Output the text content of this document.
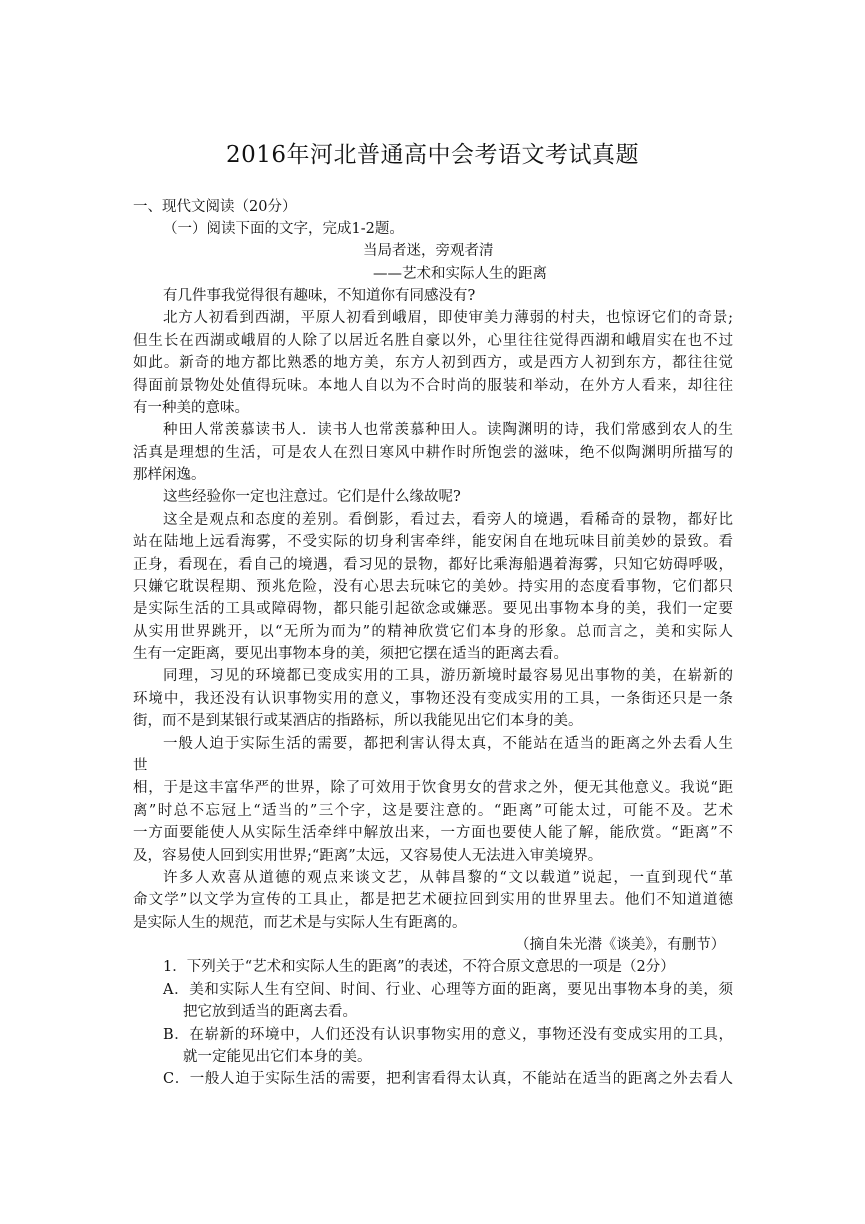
2016年河北普通高中会考语文考试真题
一、现代文阅读（20分）
（一）阅读下面的文字，完成1-2题。
当局者迷，旁观者清
——艺术和实际人生的距离
有几件事我觉得很有趣味，不知道你有同感没有?
北方人初看到西湖，平原人初看到峨眉，即使审美力薄弱的村夫，也惊讶它们的奇景;
但生长在西湖或峨眉的人除了以居近名胜自豪以外，心里往往觉得西湖和峨眉实在也不过
如此。新奇的地方都比熟悉的地方美，东方人初到西方，或是西方人初到东方，都往往觉
得面前景物处处值得玩味。本地人自以为不合时尚的服装和举动，在外方人看来，却往往
有一种美的意味。
种田人常羡慕读书人．读书人也常羡慕种田人。读陶渊明的诗，我们常感到农人的生
活真是理想的生活，可是农人在烈日寒风中耕作时所饱尝的滋味，绝不似陶渊明所描写的
那样闲逸。
这些经验你一定也注意过。它们是什么缘故呢?
这全是观点和态度的差别。看倒影，看过去，看旁人的境遇，看稀奇的景物，都好比
站在陆地上远看海雾，不受实际的切身利害牵绊，能安闲自在地玩味目前美妙的景致。看
正身，看现在，看自己的境遇，看习见的景物，都好比乘海船遇着海雾，只知它妨碍呼吸，
只嫌它耽误程期、预兆危险，没有心思去玩味它的美妙。持实用的态度看事物，它们都只
是实际生活的工具或障碍物，都只能引起欲念或嫌恶。要见出事物本身的美，我们一定要
从实用世界跳开，以“无所为而为”的精神欣赏它们本身的形象。总而言之，美和实际人
生有一定距离，要见出事物本身的美，须把它摆在适当的距离去看。
同理，习见的环境都已变成实用的工具，游历新境时最容易见出事物的美，在崭新的
环境中，我还没有认识事物实用的意义，事物还没有变成实用的工具，一条街还只是一条
街，而不是到某银行或某酒店的指路标，所以我能见出它们本身的美。
一般人迫于实际生活的需要，都把利害认得太真，不能站在适当的距离之外去看人生
世
相，于是这丰富华严的世界，除了可效用于饮食男女的营求之外，便无其他意义。我说“距
离”时总不忘冠上“适当的”三个字，这是要注意的。“距离”可能太过，可能不及。艺术
一方面要能使人从实际生活牵绊中解放出来，一方面也要使人能了解，能欣赏。“距离”不
及，容易使人回到实用世界;“距离”太远，又容易使人无法进入审美境界。
许多人欢喜从道德的观点来谈文艺，从韩昌黎的“文以载道”说起，一直到现代“革
命文学”以文学为宣传的工具止，都是把艺术硬拉回到实用的世界里去。他们不知道道德
是实际人生的规范，而艺术是与实际人生有距离的。
（摘自朱光潜《谈美》，有删节）
1．下列关于“艺术和实际人生的距离”的表述，不符合原文意思的一项是（2分）
A．美和实际人生有空间、时间、行业、心理等方面的距离，要见出事物本身的美，须
把它放到适当的距离去看。
B．在崭新的环境中，人们还没有认识事物实用的意义，事物还没有变成实用的工具，
就一定能见出它们本身的美。
C．一般人迫于实际生活的需要，把利害看得太认真，不能站在适当的距离之外去看人
